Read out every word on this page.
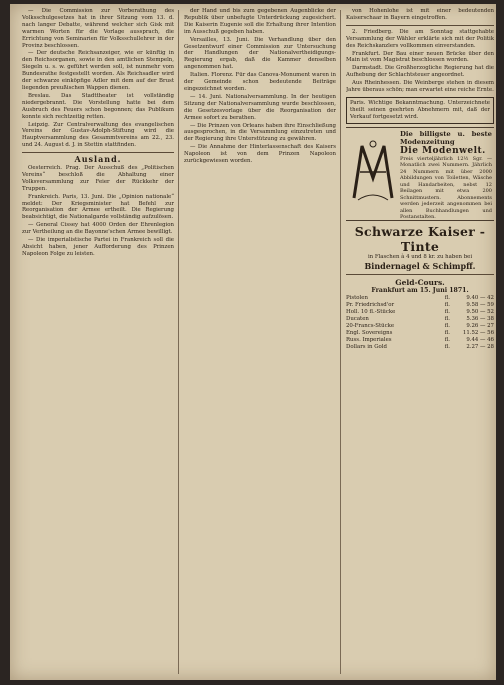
— Die Commission zur Vorberathung des Volksschulgesetzes hat in ihrer Sitzung vom 13. d. nach langer Debatte, während welcher sich Gisk mit warmen Worten für die Vorlage aussprach, die Errichtung von Seminarien für Volksschullehrer in der Provinz beschlossen.

— Der deutsche Reichsanzeiger, wie er künftig in den Reichsorganen, sowie in den amtlichen Stempeln, Siegeln u. s. w. geführt werden soll, ist nunmehr vom Bundesrathe festgestellt worden. Als Reichsadler wird der schwarze einköpfige Adler mit dem auf der Brust liegenden preußischen Wappen dienen.

Breslau. Das Stadttheater ist vollständig niedergebrannt. Die Vorstellung hatte bei dem Ausbruch des Feuers schon begonnen; das Publikum konnte sich rechtzeitig retten.

Leipzig. Zur Centralverwaltung des evangelischen Vereins der Gustav-Adolph-Stiftung wird die Hauptversammlung des Gesammtvereins am 22., 23. und 24. August d. J. in Stettin stattfinden.

Ausland.

Oesterreich. Prag. Der Ausschuß des „Politischen Vereins“ beschloß die Abhaltung einer Volksversammlung zur Feier der Rückkehr der Truppen.

Frankreich. Paris, 13. Juni. Die „Opinion nationale“ meldet: Der Kriegsminister hat Befehl zur Reorganisation der Armee ertheilt. Die Regierung beabsichtigt, die Nationalgarde vollständig aufzulösen.

— General Cissey hat 4000 Orden der Ehrenlegion zur Vertheilung an die Bayonne'schen Armee bewilligt.

— Die imperialistische Partei in Frankreich soll die Absicht haben, jener Aufforderung des Prinzen Napoleon Folge zu leisten.

der Hand und bis zum gegebenen Augenblicke der Republik über unbefugte Unterdrückung zugesichert. Die Kaiserin Eugenie soll die Erhaltung ihrer Intention im Ausschuß gegeben haben.

Versailles, 13. Juni. Die Verhandlung über den Gesetzentwurf einer Commission zur Untersuchung der Handlungen der Nationalvertheidigungs-Regierung ergab, daß die Kammer denselben angenommen hat.

Italien. Florenz. Für das Canova-Monument waren in der Gemeinde schon bedeutende Beiträge eingezeichnet worden.

— 14. Juni. Nationalversammlung. In der heutigen Sitzung der Nationalversammlung wurde beschlossen, die Gesetzesvorlage über die Reorganisation der Armee sofort zu berathen.

— Die Prinzen von Orleans haben ihre Einschließung ausgesprochen, in die Versammlung einzutreten und der Regierung ihre Unterstützung zu gewähren.

— Die Annahme der Hinterlassenschaft des Kaisers Napoleon ist von dem Prinzen Napoleon zurückgewiesen worden.

von Hohenlohe ist mit einer bedeutenden Kaiserschaar in Bayern eingetroffen.

2. Friedberg. Die am Sonntag stattgehabte Versammlung der Wähler erklärte sich mit der Politik des Reichskanzlers vollkommen einverstanden.

Frankfurt. Der Bau einer neuen Brücke über den Main ist vom Magistrat beschlossen worden.

Darmstadt. Die Großherzogliche Regierung hat die Aufhebung der Schlachtsteuer angeordnet.

Aus Rheinhessen. Die Weinberge stehen in diesem Jahre überaus schön; man erwartet eine reiche Ernte.

Paris. Wichtige Bekanntmachung. Unterzeichnete theilt seinen geehrten Abnehmern mit, daß der Verkauf fortgesetzt wird.
Die billigste u. beste Modenzeitung
Die Modenwelt.
Preis vierteljährlich 12½ Sgr. — Monatlich zwei Nummern. Jährlich 24 Nummern mit über 2000 Abbildungen von Toiletten, Wäsche und Handarbeiten, nebst 12 Beilagen mit etwa 200 Schnittmustern. Abonnements werden jederzeit angenommen bei allen Buchhandlungen und Postanstalten.
Schwarze Kaiser - Tinte
in Flaschen à 4 und 8 kr. zu haben bei
Bindernagel & Schimpff.
Geld-Cours.
Frankfurt am 15. Juni 1871.
Pistolen	fl.	9.40 — 42
Pr. Friedrichsd'or	fl.	9.58 — 59
Holl. 10 fl.-Stücke	fl.	9.50 — 52
Ducaten	fl.	5.36 — 38
20-Francs-Stücke	fl.	9.26 — 27
Engl. Sovereigns	fl.	11.52 — 56
Russ. Imperiales	fl.	9.44 — 46
Dollars in Gold	fl.	2.27 — 28
